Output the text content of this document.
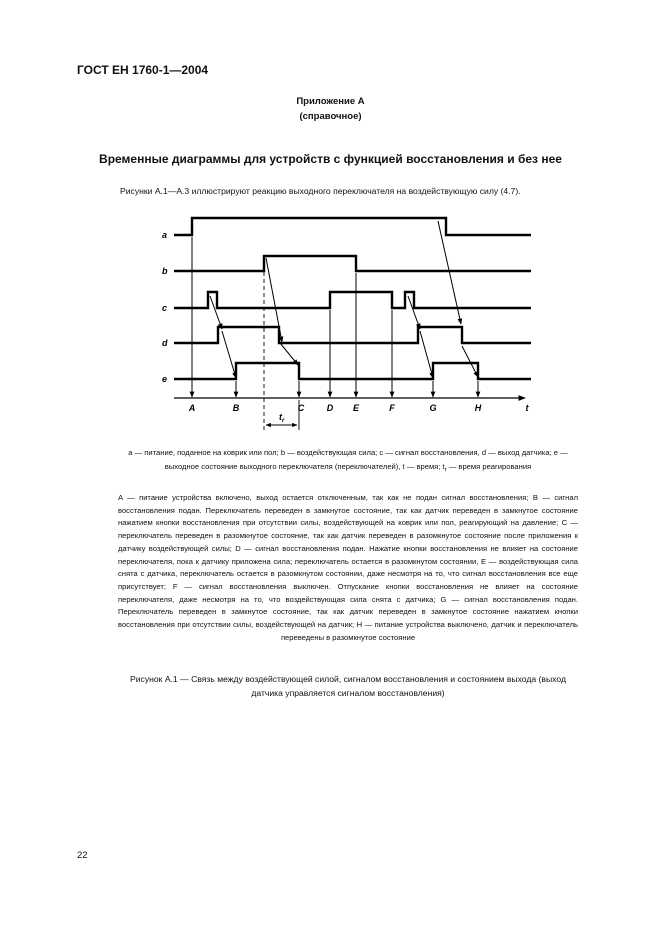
ГОСТ ЕН 1760-1—2004
Приложение А
(справочное)
Временные диаграммы для устройств с функцией восстановления и без нее
Рисунки А.1—А.3 иллюстрируют реакцию выходного переключателя на воздействующую силу (4.7).
a
b
c
d
e
A	B	C	D E	F	G	H	t
$t_r$
а — питание, поданное на коврик или пол; b — воздействующая сила; с — сигнал восстановления, d — выход датчика; е — выходное состояние выходного переключателя (переключателей), t — время; $t_r$ — время реагирования
A — питание устройства включено, выход остается отключенным, так как не подан сигнал восстановления; B — сигнал восстановления подан. Переключатель переведен в замкнутое состояние, так как датчик переведен в замкнутое состояние нажатием кнопки восстановления при отсутствии силы, воздействующей на коврик или пол, реагирующий на давление; C — переключатель переведен в разомкнутое состояние, так как датчик переведен в разомкнутое состояние после приложения к датчику воздействующей силы; D — сигнал восстановления подан. Нажатие кнопки восстановления не влияет на состояние переключателя, пока к датчику приложена сила; переключатель остается в разомкнутом состоянии, Е — воздействующая сила снята с датчика, переключатель остается в разомкнутом состоянии, даже несмотря на то, что сигнал восстановления все еще присутствует; F — сигнал восстановления выключен. Отпускание кнопки восстановления не влияет на состояние переключателя, даже несмотря на то, что воздействующая сила снята с датчика; G — сигнал восстановления подан. Переключатель переведен в замкнутое состояние, так как датчик переведен в замкнутое состояние нажатием кнопки восстановления при отсутствии силы, воздействующей на датчик; H — питание устройства выключено, датчик и переключатель переведены в разомкнутое состояние
Рисунок А.1 — Связь между воздействующей силой, сигналом восстановления и состоянием выхода (выход датчика управляется сигналом восстановления)
22
